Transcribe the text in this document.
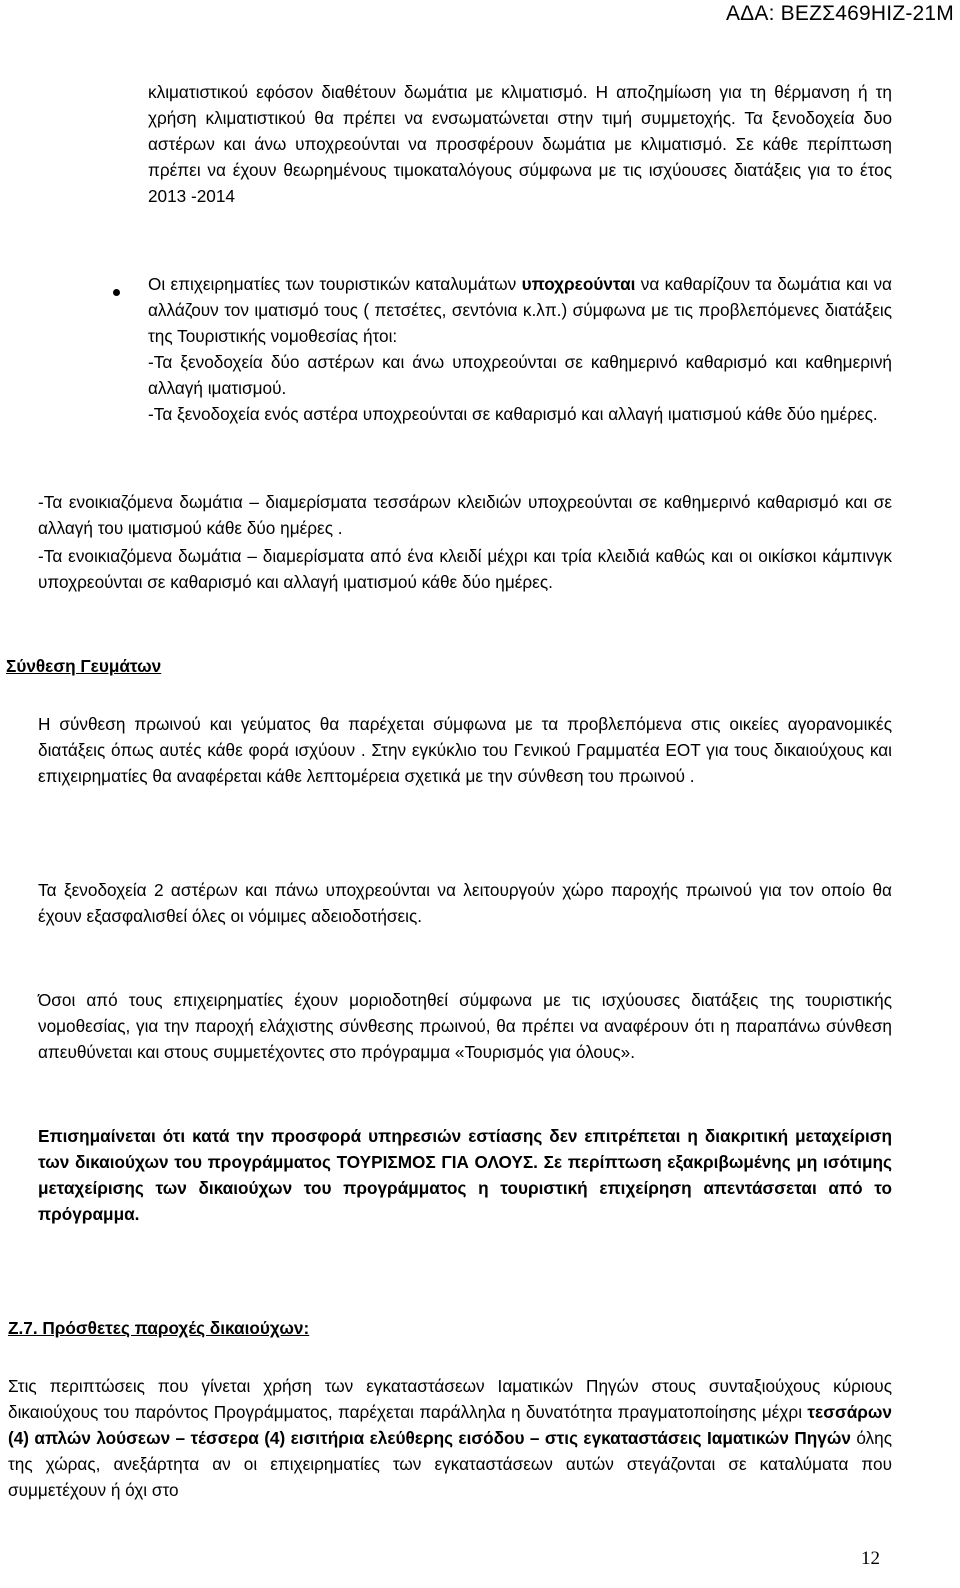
ΑΔΑ: ΒΕΖΣ469ΗΙΖ-21Μ

κλιματιστικού εφόσον διαθέτουν δωμάτια με κλιματισμό. Η αποζημίωση για τη θέρμανση ή τη χρήση κλιματιστικού θα πρέπει να ενσωματώνεται στην τιμή συμμετοχής. Τα ξενοδοχεία δυο αστέρων και άνω υποχρεούνται να προσφέρουν δωμάτια με κλιματισμό. Σε κάθε περίπτωση πρέπει να έχουν θεωρημένους τιμοκαταλόγους σύμφωνα με τις ισχύουσες διατάξεις για το έτος 2013 -2014

Οι επιχειρηματίες των τουριστικών καταλυμάτων υποχρεούνται να καθαρίζουν τα δωμάτια και να αλλάζουν τον ιματισμό τους ( πετσέτες, σεντόνια κ.λπ.) σύμφωνα με τις προβλεπόμενες διατάξεις της Τουριστικής νομοθεσίας ήτοι:
-Τα ξενοδοχεία δύο αστέρων και άνω υποχρεούνται σε καθημερινό καθαρισμό και καθημερινή αλλαγή ιματισμού.
-Τα ξενοδοχεία ενός αστέρα υποχρεούνται σε καθαρισμό και αλλαγή ιματισμού κάθε δύο ημέρες.

-Τα ενοικιαζόμενα δωμάτια – διαμερίσματα τεσσάρων κλειδιών υποχρεούνται σε καθημερινό καθαρισμό και σε αλλαγή του ιματισμού κάθε δύο ημέρες .

-Τα ενοικιαζόμενα δωμάτια – διαμερίσματα από ένα κλειδί μέχρι και τρία κλειδιά καθώς και οι οικίσκοι κάμπινγκ υποχρεούνται σε καθαρισμό και αλλαγή ιματισμού κάθε δύο ημέρες.

Σύνθεση Γευμάτων

Η σύνθεση πρωινού και γεύματος θα παρέχεται σύμφωνα με τα προβλεπόμενα στις οικείες αγορανομικές διατάξεις όπως αυτές κάθε φορά ισχύουν . Στην εγκύκλιο του Γενικού Γραμματέα ΕΟΤ για τους δικαιούχους και επιχειρηματίες θα αναφέρεται κάθε λεπτομέρεια σχετικά με την σύνθεση του πρωινού .

Τα ξενοδοχεία 2 αστέρων και πάνω υποχρεούνται να λειτουργούν χώρο παροχής πρωινού για τον οποίο θα έχουν εξασφαλισθεί όλες οι νόμιμες αδειοδοτήσεις.

Όσοι από τους επιχειρηματίες έχουν μοριοδοτηθεί σύμφωνα με τις ισχύουσες διατάξεις της τουριστικής νομοθεσίας, για την παροχή ελάχιστης σύνθεσης πρωινού, θα πρέπει να αναφέρουν ότι η παραπάνω σύνθεση απευθύνεται και στους συμμετέχοντες στο πρόγραμμα «Τουρισμός για όλους».

Επισημαίνεται ότι κατά την προσφορά υπηρεσιών εστίασης δεν επιτρέπεται η διακριτική μεταχείριση των δικαιούχων του προγράμματος ΤΟΥΡΙΣΜΟΣ ΓΙΑ ΟΛΟΥΣ. Σε περίπτωση εξακριβωμένης μη ισότιμης μεταχείρισης των δικαιούχων του προγράμματος η τουριστική επιχείρηση απεντάσσεται από το πρόγραμμα.

Ζ.7. Πρόσθετες παροχές δικαιούχων:
Στις περιπτώσεις που γίνεται χρήση των εγκαταστάσεων Ιαματικών Πηγών στους συνταξιούχους κύριους δικαιούχους του παρόντος Προγράμματος, παρέχεται παράλληλα η δυνατότητα πραγματοποίησης μέχρι τεσσάρων (4) απλών λούσεων – τέσσερα (4) εισιτήρια ελεύθερης εισόδου – στις εγκαταστάσεις Ιαματικών Πηγών όλης της χώρας, ανεξάρτητα αν οι επιχειρηματίες των εγκαταστάσεων αυτών στεγάζονται σε καταλύματα που συμμετέχουν ή όχι στο
12
